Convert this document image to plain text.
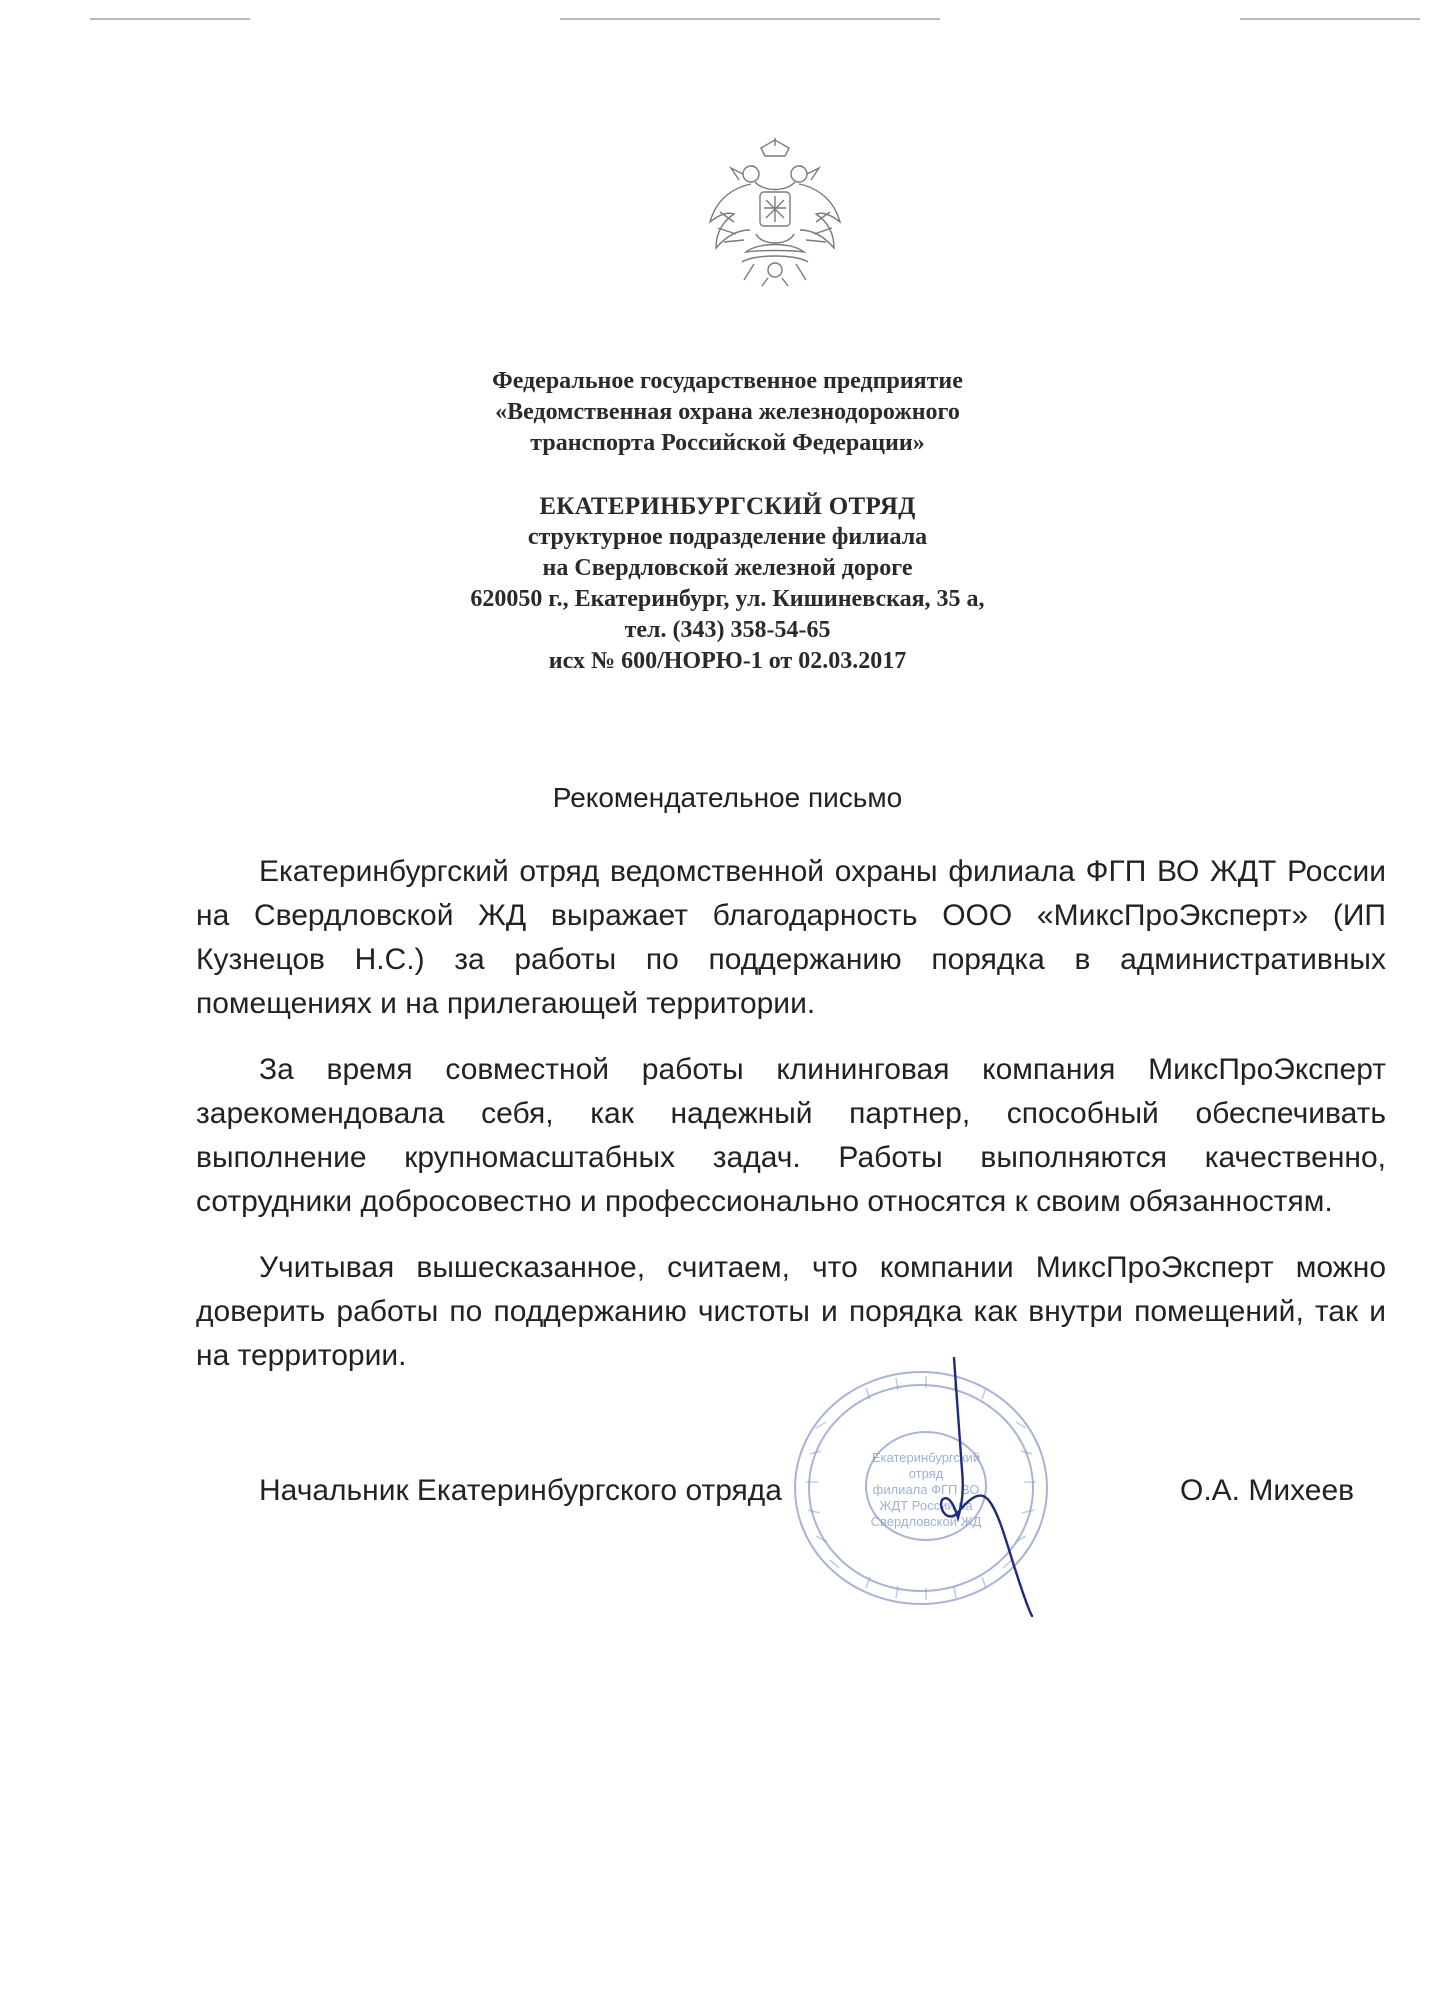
Федеральное государственное предприятие
«Ведомственная охрана железнодорожного
транспорта Российской Федерации»
ЕКАТЕРИНБУРГСКИЙ ОТРЯД
структурное подразделение филиала
на Свердловской железной дороге
620050 г., Екатеринбург, ул. Кишиневская, 35 а,
тел. (343) 358-54-65
исх № 600/НОРЮ-1 от 02.03.2017
Рекомендательное письмо

Екатеринбургский отряд ведомственной охраны филиала ФГП ВО ЖДТ России на Свердловской ЖД выражает благодарность ООО «МиксПроЭксперт» (ИП Кузнецов Н.С.) за работы по поддержанию порядка в административных помещениях и на прилегающей территории.

За время совместной работы клининговая компания МиксПроЭксперт зарекомендовала себя, как надежный партнер, способный обеспечивать выполнение крупномасштабных задач. Работы выполняются качественно, сотрудники добросовестно и профессионально относятся к своим обязанностям.

Учитывая вышесказанное, считаем, что компании МиксПроЭксперт можно доверить работы по поддержанию чистоты и порядка как внутри помещений, так и на территории.

Начальник Екатеринбургского отряда	О.А. Михеев
Екатеринбургский
отряд
филиала ФГП ВО
ЖДТ России на
Свердловской ЖД
